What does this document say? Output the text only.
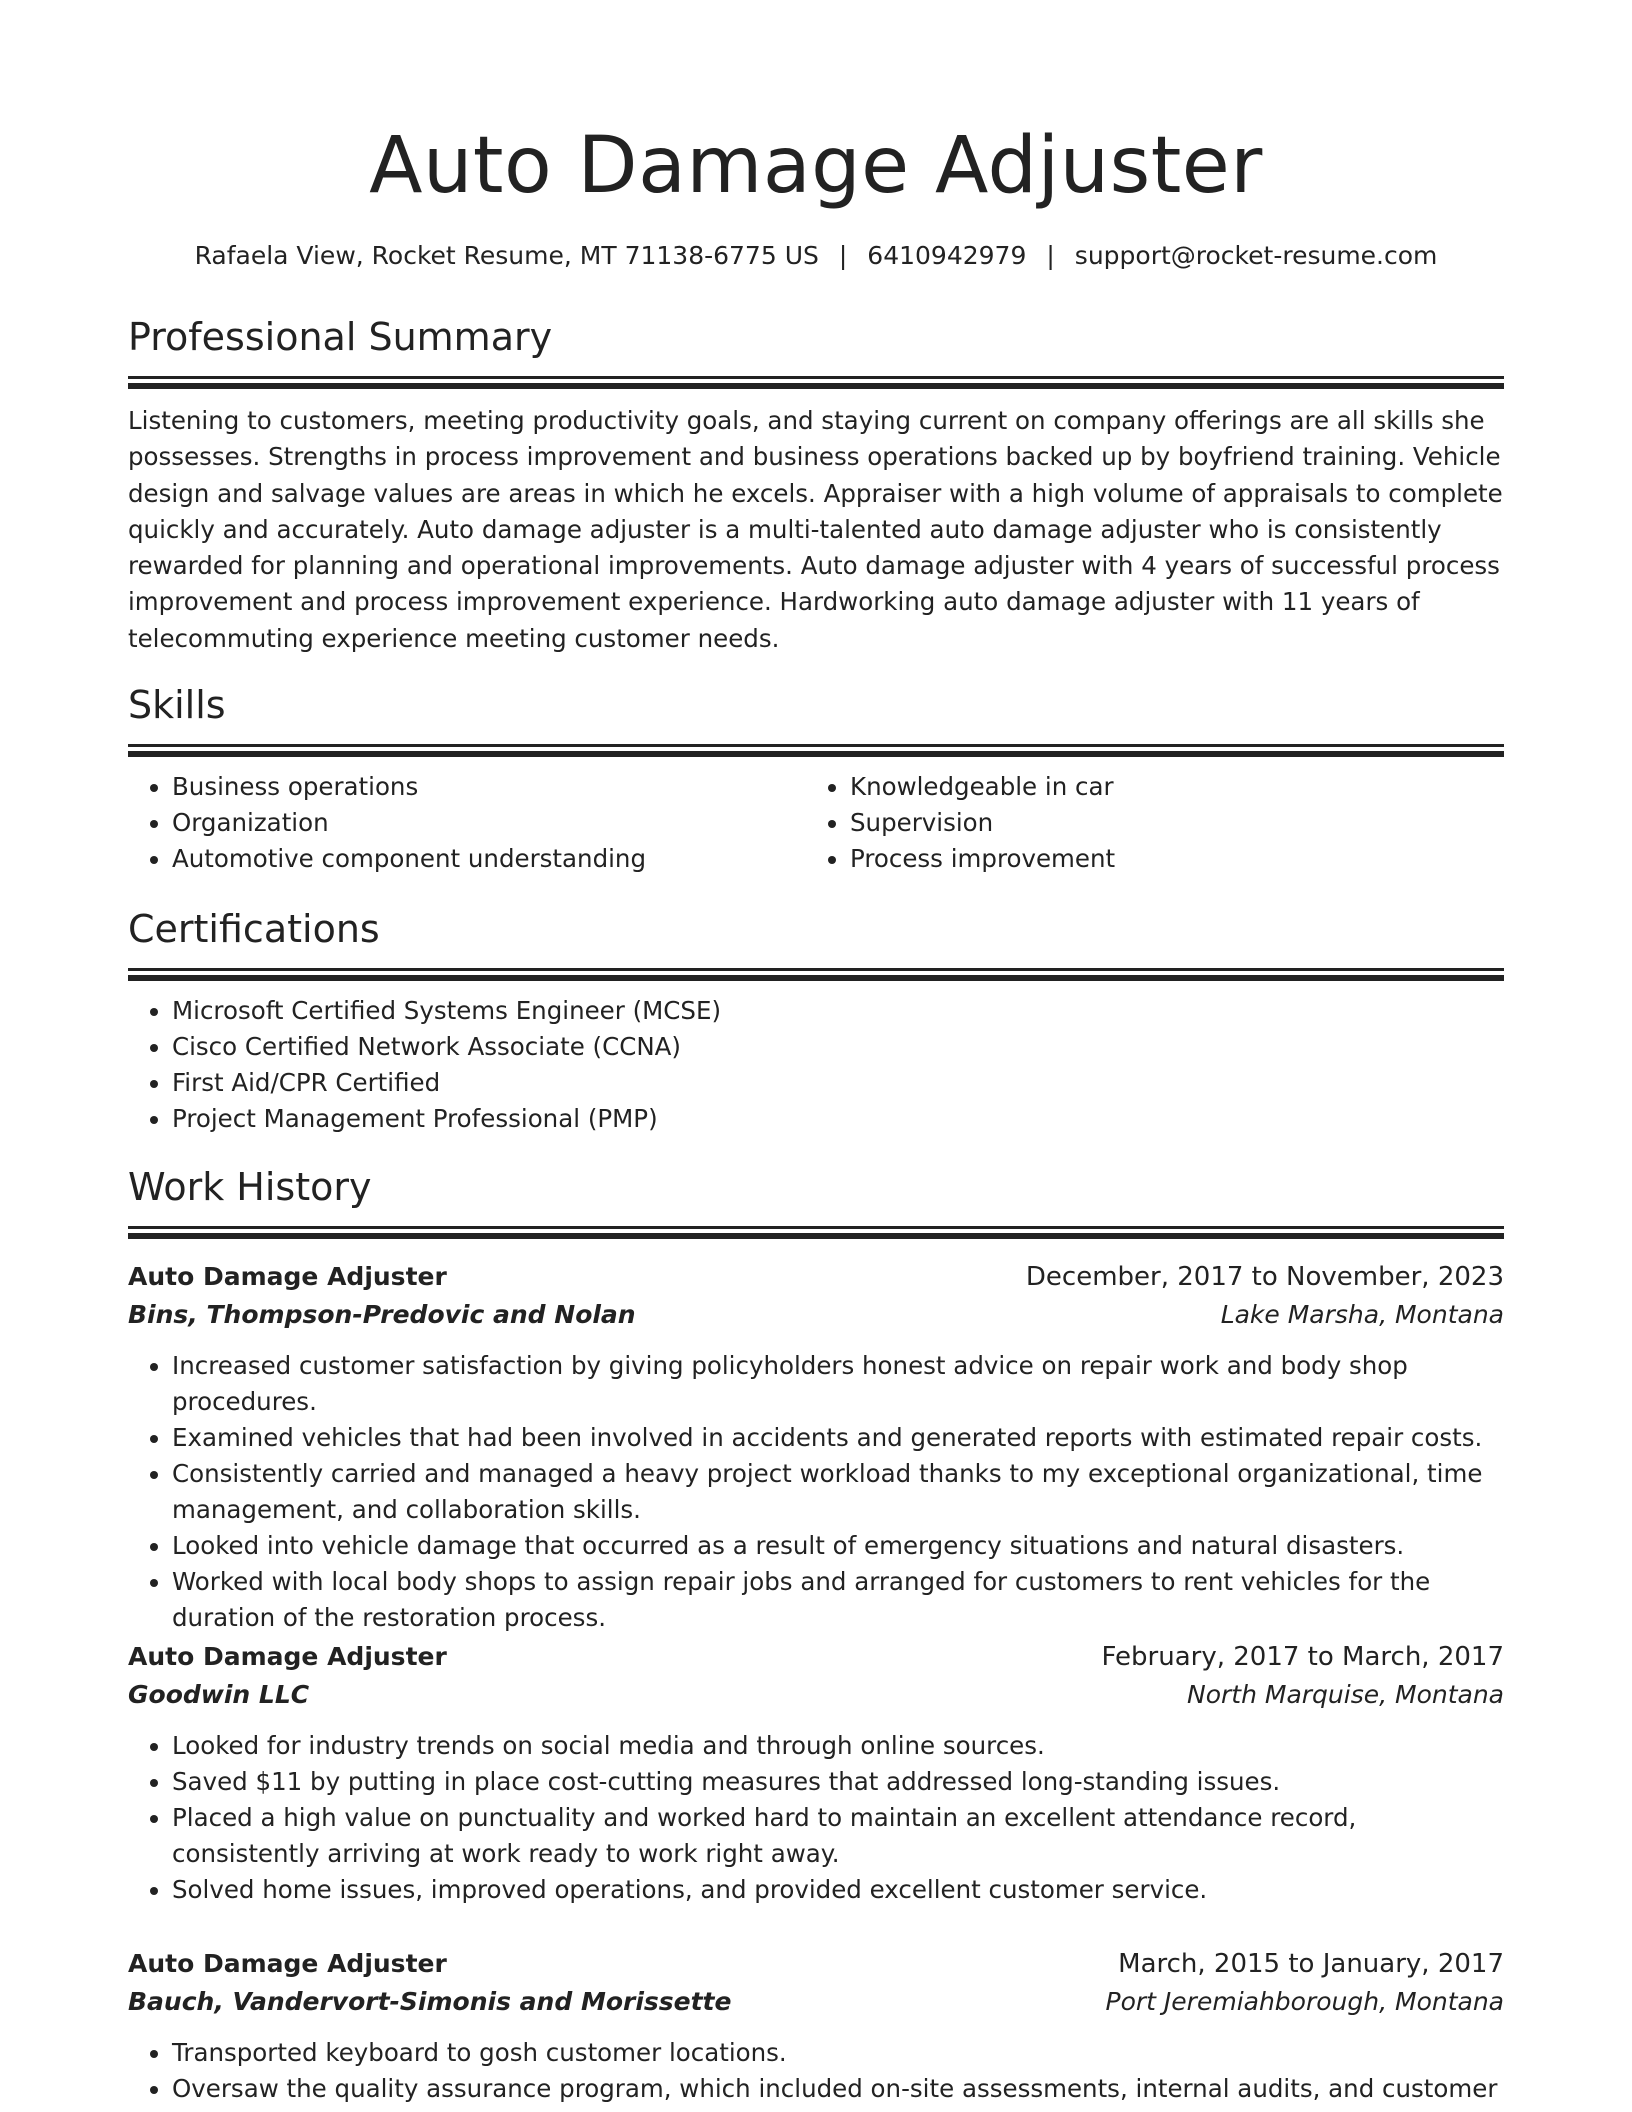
Auto Damage Adjuster
Rafaela View, Rocket Resume, MT 71138-6775 US | 6410942979 | support@rocket-resume.com
Professional Summary

Listening to customers, meeting productivity goals, and staying current on company offerings are all skills she possesses. Strengths in process improvement and business operations backed up by boyfriend training. Vehicle design and salvage values are areas in which he excels. Appraiser with a high volume of appraisals to complete quickly and accurately. Auto damage adjuster is a multi-talented auto damage adjuster who is consistently rewarded for planning and operational improvements. Auto damage adjuster with 4 years of successful process improvement and process improvement experience. Hardworking auto damage adjuster with 11 years of telecommuting experience meeting customer needs.

Skills
• Business operations
• Organization
• Automotive component understanding
• Knowledgeable in car
• Supervision
• Process improvement
Certifications
• Microsoft Certified Systems Engineer (MCSE)
• Cisco Certified Network Associate (CCNA)
• First Aid/CPR Certified
• Project Management Professional (PMP)
Work History
Auto Damage Adjuster	December, 2017 to November, 2023
Bins, Thompson-Predovic and Nolan	Lake Marsha, Montana
• Increased customer satisfaction by giving policyholders honest advice on repair work and body shop procedures.
• Examined vehicles that had been involved in accidents and generated reports with estimated repair costs.
• Consistently carried and managed a heavy project workload thanks to my exceptional organizational, time management, and collaboration skills.
• Looked into vehicle damage that occurred as a result of emergency situations and natural disasters.
• Worked with local body shops to assign repair jobs and arranged for customers to rent vehicles for the duration of the restoration process.
Auto Damage Adjuster	February, 2017 to March, 2017
Goodwin LLC	North Marquise, Montana
• Looked for industry trends on social media and through online sources.
• Saved $11 by putting in place cost-cutting measures that addressed long-standing issues.
• Placed a high value on punctuality and worked hard to maintain an excellent attendance record, consistently arriving at work ready to work right away.
• Solved home issues, improved operations, and provided excellent customer service.
Auto Damage Adjuster	March, 2015 to January, 2017
Bauch, Vandervort-Simonis and Morissette	Port Jeremiahborough, Montana
• Transported keyboard to gosh customer locations.
• Oversaw the quality assurance program, which included on-site assessments, internal audits, and customer
